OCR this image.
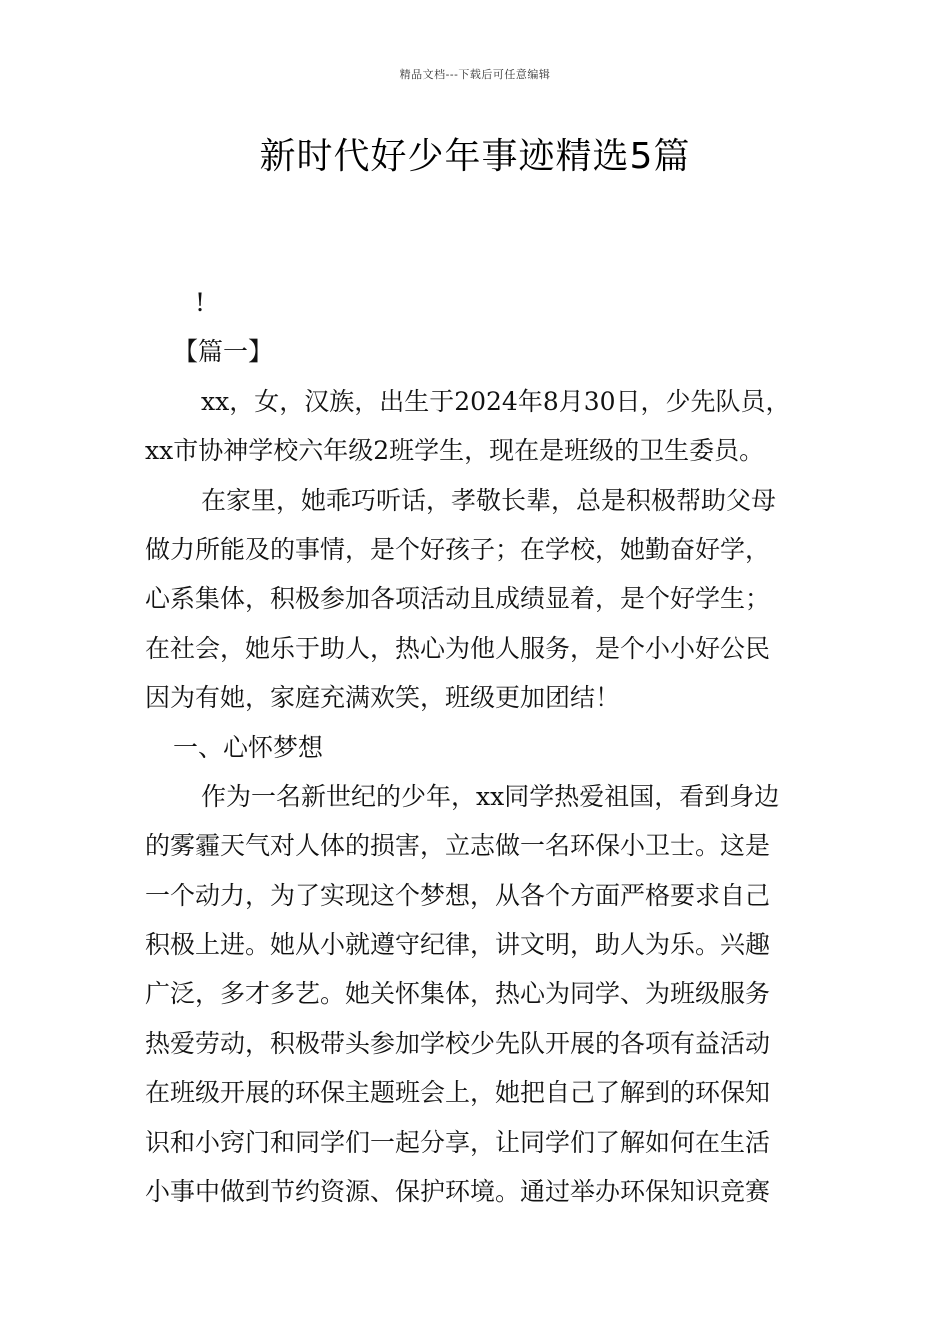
精品文档---下载后可任意编辑
新时代好少年事迹精选5篇
!
【篇一】
xx，女，汉族，出生于2024年8月30日，少先队员，
xx市协神学校六年级2班学生，现在是班级的卫生委员。
在家里，她乖巧听话，孝敬长辈，总是积极帮助父母
做力所能及的事情，是个好孩子；在学校，她勤奋好学，
心系集体，积极参加各项活动且成绩显着，是个好学生；
在社会，她乐于助人，热心为他人服务，是个小小好公民
因为有她，家庭充满欢笑，班级更加团结！
一、心怀梦想
作为一名新世纪的少年，xx同学热爱祖国，看到身边
的雾霾天气对人体的损害，立志做一名环保小卫士。这是
一个动力，为了实现这个梦想，从各个方面严格要求自己
积极上进。她从小就遵守纪律，讲文明，助人为乐。兴趣
广泛，多才多艺。她关怀集体，热心为同学、为班级服务
热爱劳动，积极带头参加学校少先队开展的各项有益活动
在班级开展的环保主题班会上，她把自己了解到的环保知
识和小窍门和同学们一起分享，让同学们了解如何在生活
小事中做到节约资源、保护环境。通过举办环保知识竞赛
